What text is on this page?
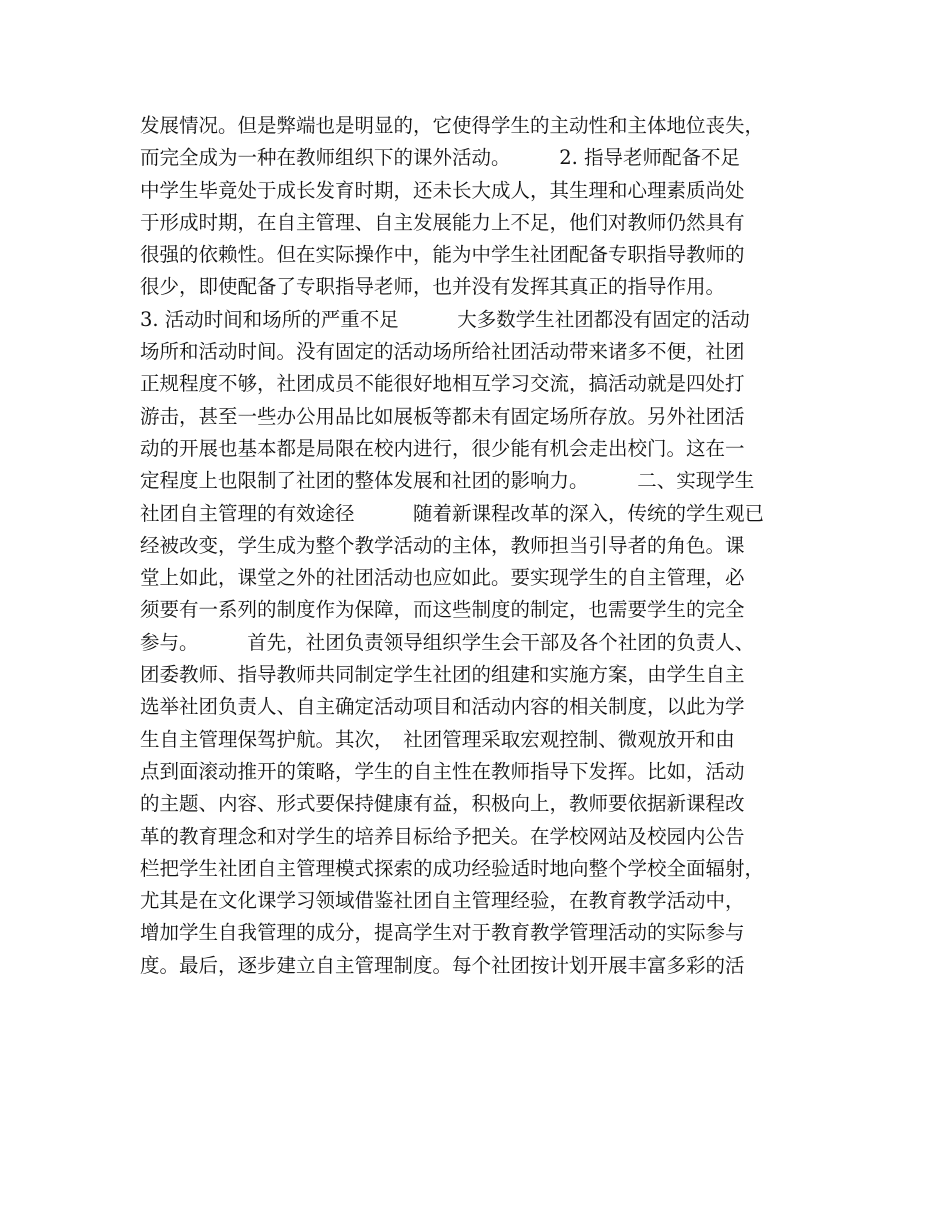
发展情况。但是弊端也是明显的，它使得学生的主动性和主体地位丧失，
而完全成为一种在教师组织下的课外活动。　　　2. 指导老师配备不足
中学生毕竟处于成长发育时期，还未长大成人，其生理和心理素质尚处
于形成时期，在自主管理、自主发展能力上不足，他们对教师仍然具有
很强的依赖性。但在实际操作中，能为中学生社团配备专职指导教师的
很少，即使配备了专职指导老师，也并没有发挥其真正的指导作用。
3. 活动时间和场所的严重不足　　　大多数学生社团都没有固定的活动
场所和活动时间。没有固定的活动场所给社团活动带来诸多不便，社团
正规程度不够，社团成员不能很好地相互学习交流，搞活动就是四处打
游击，甚至一些办公用品比如展板等都未有固定场所存放。另外社团活
动的开展也基本都是局限在校内进行，很少能有机会走出校门。这在一
定程度上也限制了社团的整体发展和社团的影响力。　　　二、实现学生
社团自主管理的有效途径　　　随着新课程改革的深入，传统的学生观已
经被改变，学生成为整个教学活动的主体，教师担当引导者的角色。课
堂上如此，课堂之外的社团活动也应如此。要实现学生的自主管理，必
须要有一系列的制度作为保障，而这些制度的制定，也需要学生的完全
参与。　　　首先，社团负责领导组织学生会干部及各个社团的负责人、
团委教师、指导教师共同制定学生社团的组建和实施方案，由学生自主
选举社团负责人、自主确定活动项目和活动内容的相关制度，以此为学
生自主管理保驾护航。其次，　社团管理采取宏观控制、微观放开和由
点到面滚动推开的策略，学生的自主性在教师指导下发挥。比如，活动
的主题、内容、形式要保持健康有益，积极向上，教师要依据新课程改
革的教育理念和对学生的培养目标给予把关。在学校网站及校园内公告
栏把学生社团自主管理模式探索的成功经验适时地向整个学校全面辐射，
尤其是在文化课学习领域借鉴社团自主管理经验，在教育教学活动中，
增加学生自我管理的成分，提高学生对于教育教学管理活动的实际参与
度。最后，逐步建立自主管理制度。每个社团按计划开展丰富多彩的活
